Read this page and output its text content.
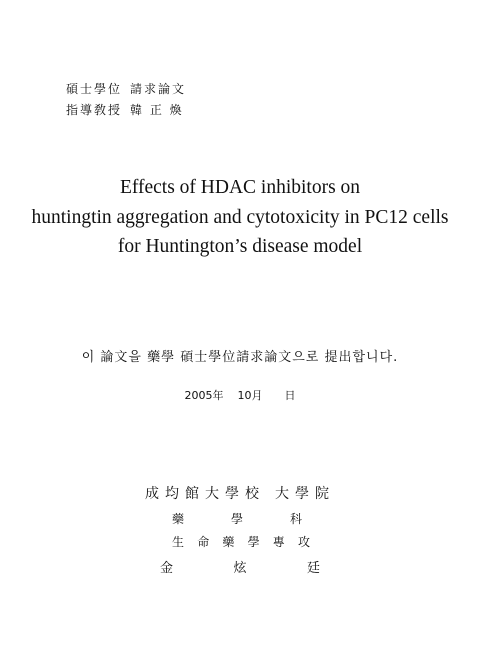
碩士學位 請求論文
指導敎授 韓 正 煥
Effects of HDAC inhibitors on
huntingtin aggregation and cytotoxicity in PC12 cells
for Huntington’s disease model
이 論文을 藥學 碩士學位請求論文으로 提出합니다.
2005年 10月 日
成均館大學校 大學院
藥	學	科
生 命 藥 學 專 攻
金	炫	廷
